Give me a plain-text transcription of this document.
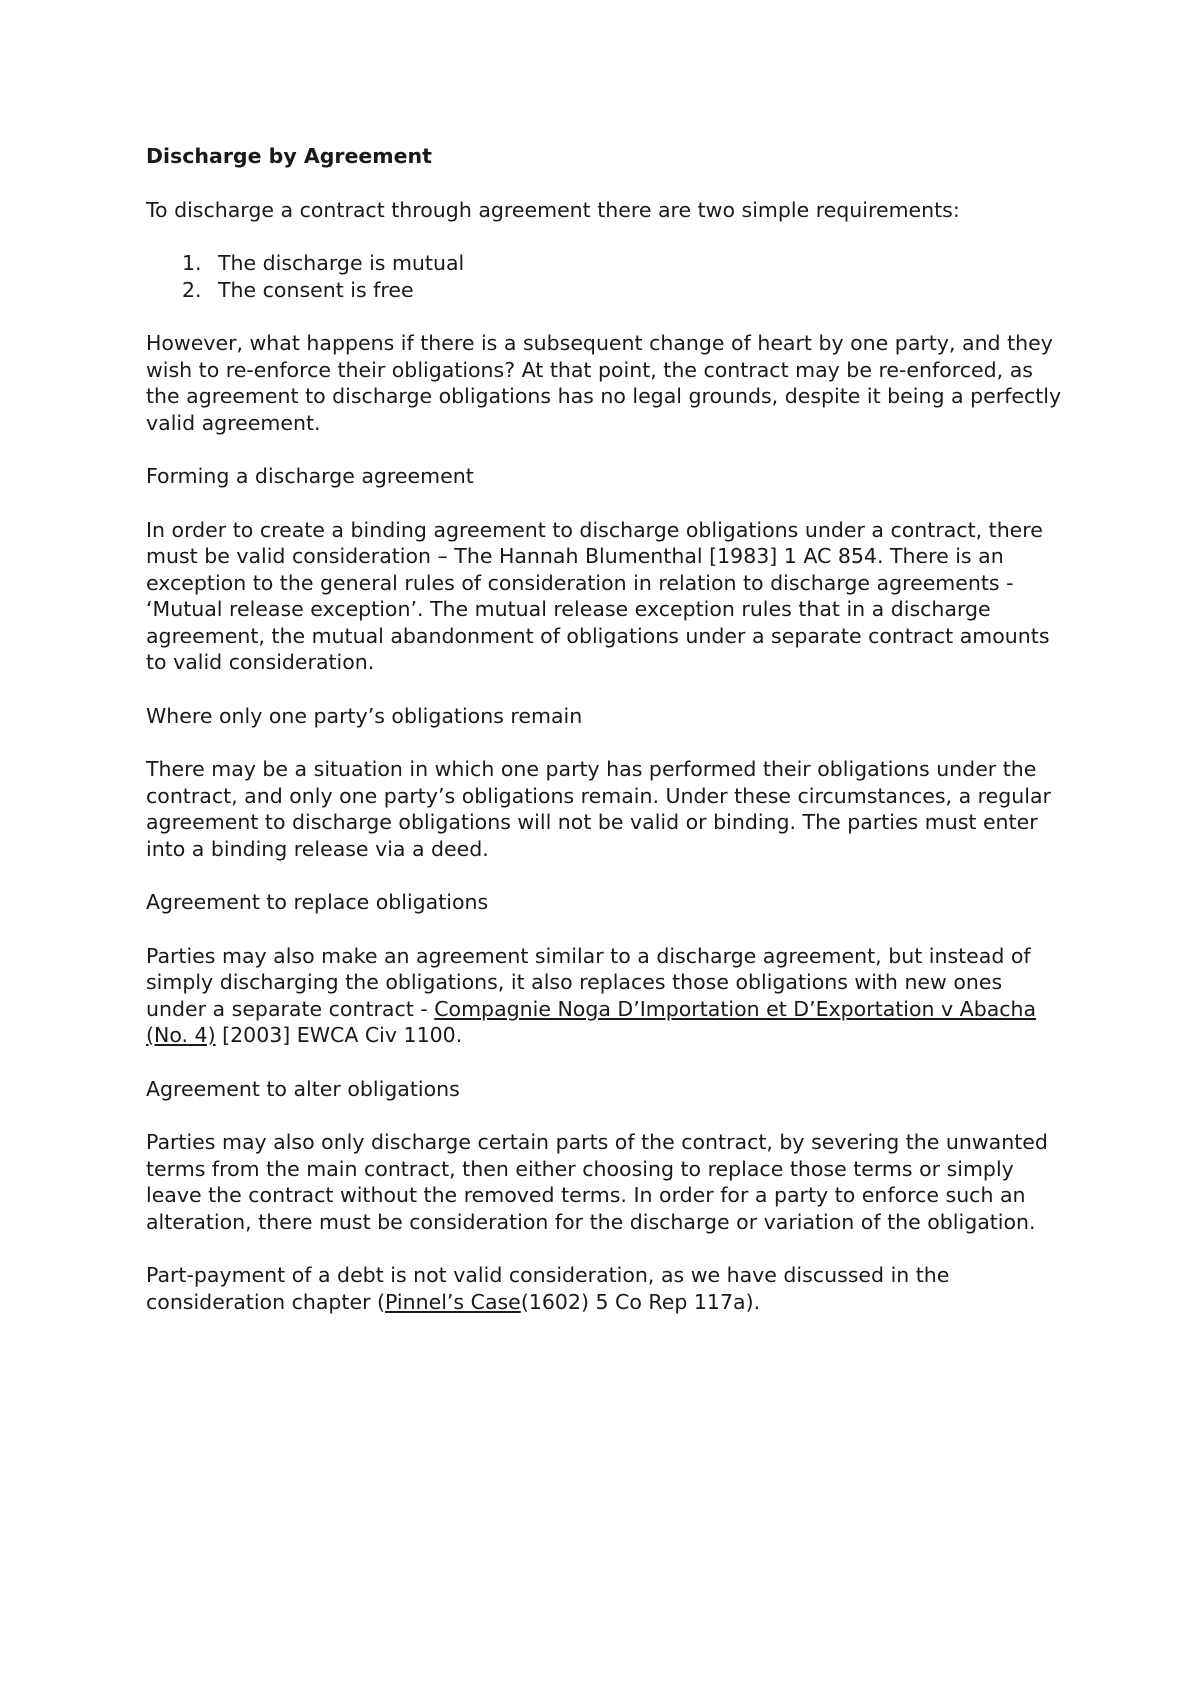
Discharge by Agreement

To discharge a contract through agreement there are two simple requirements:

1. The discharge is mutual
2. The consent is free

However, what happens if there is a subsequent change of heart by one party, and they wish to re-enforce their obligations? At that point, the contract may be re-enforced, as the agreement to discharge obligations has no legal grounds, despite it being a perfectly valid agreement.

Forming a discharge agreement

In order to create a binding agreement to discharge obligations under a contract, there must be valid consideration – The Hannah Blumenthal [1983] 1 AC 854. There is an exception to the general rules of consideration in relation to discharge agreements - ‘Mutual release exception’. The mutual release exception rules that in a discharge agreement, the mutual abandonment of obligations under a separate contract amounts to valid consideration.

Where only one party’s obligations remain

There may be a situation in which one party has performed their obligations under the contract, and only one party’s obligations remain. Under these circumstances, a regular agreement to discharge obligations will not be valid or binding. The parties must enter into a binding release via a deed.

Agreement to replace obligations

Parties may also make an agreement similar to a discharge agreement, but instead of simply discharging the obligations, it also replaces those obligations with new ones under a separate contract - Compagnie Noga D’Importation et D’Exportation v Abacha (No. 4) [2003] EWCA Civ 1100.

Agreement to alter obligations

Parties may also only discharge certain parts of the contract, by severing the unwanted terms from the main contract, then either choosing to replace those terms or simply leave the contract without the removed terms. In order for a party to enforce such an alteration, there must be consideration for the discharge or variation of the obligation.

Part-payment of a debt is not valid consideration, as we have discussed in the consideration chapter (Pinnel’s Case(1602) 5 Co Rep 117a).
